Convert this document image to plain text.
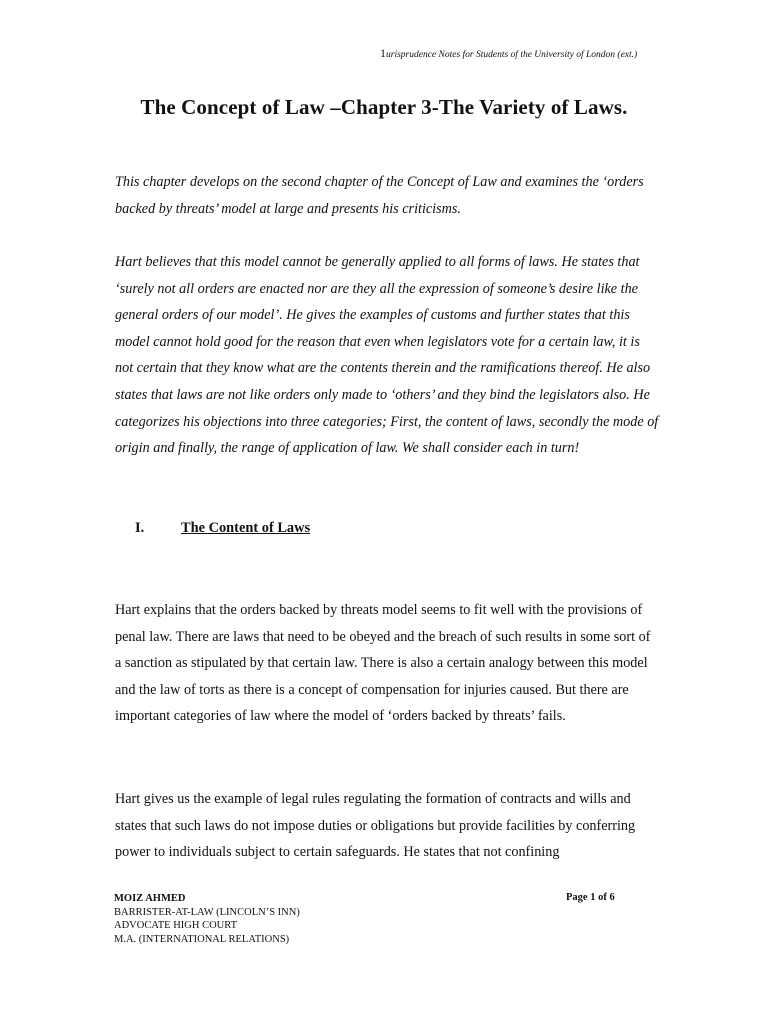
1urisprudence Notes for Students of the University of London (ext.)
The Concept of Law –Chapter 3-The Variety of Laws.

This chapter develops on the second chapter of the Concept of Law and examines the ‘orders backed by threats’ model at large and presents his criticisms.

Hart believes that this model cannot be generally applied to all forms of laws. He states that ‘surely not all orders are enacted nor are they all the expression of someone’s desire like the general orders of our model’. He gives the examples of customs and further states that this model cannot hold good for the reason that even when legislators vote for a certain law, it is not certain that they know what are the contents therein and the ramifications thereof. He also states that laws are not like orders only made to ‘others’ and they bind the legislators also. He categorizes his objections into three categories; First, the content of laws, secondly the mode of origin and finally, the range of application of law. We shall consider each in turn!

I.	The Content of Laws

Hart explains that the orders backed by threats model seems to fit well with the provisions of penal law. There are laws that need to be obeyed and the breach of such results in some sort of a sanction as stipulated by that certain law. There is also a certain analogy between this model and the law of torts as there is a concept of compensation for injuries caused. But there are important categories of law where the model of ‘orders backed by threats’ fails.

Hart gives us the example of legal rules regulating the formation of contracts and wills and states that such laws do not impose duties or obligations but provide facilities by conferring power to individuals subject to certain safeguards. He states that not confining

MOIZ AHMED
BARRISTER-AT-LAW (LINCOLN’S INN)
ADVOCATE HIGH COURT
M.A. (INTERNATIONAL RELATIONS)
Page 1 of 6
